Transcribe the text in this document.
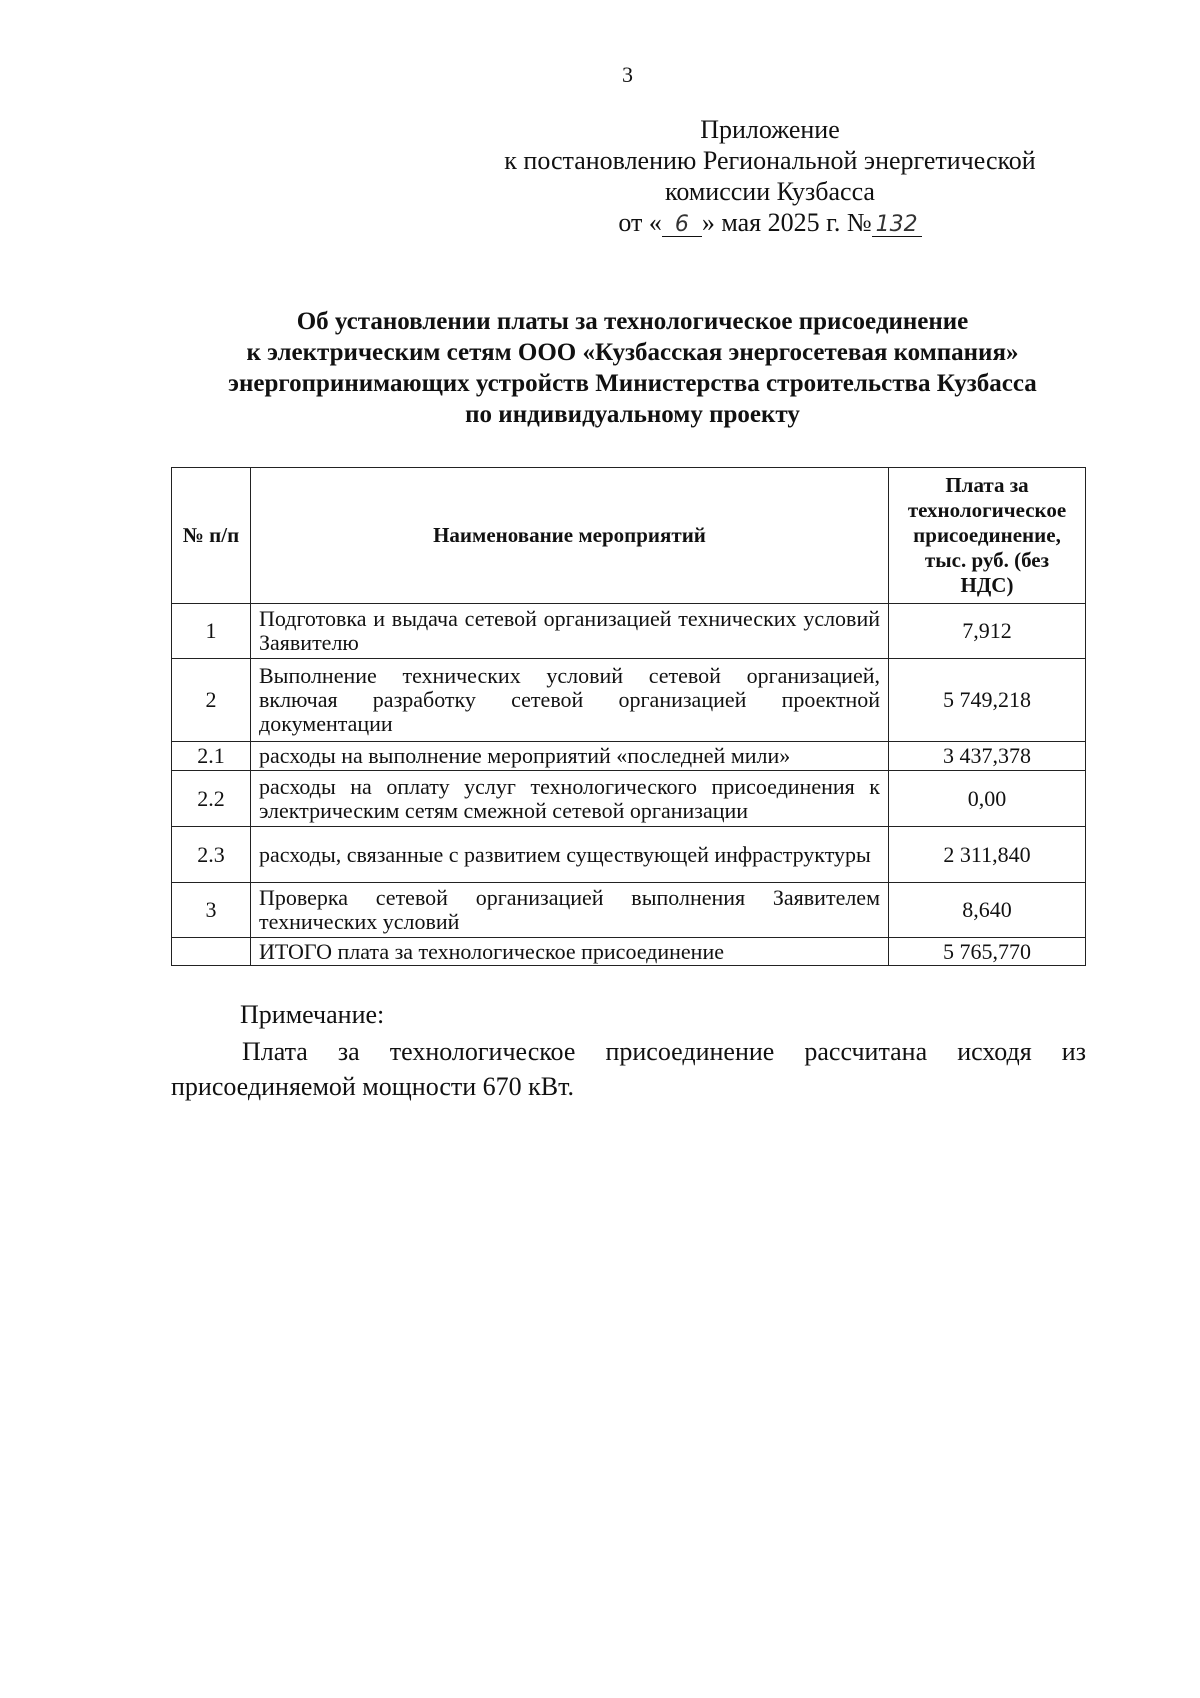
3
Приложение
к постановлению Региональной энергетической
комиссии Кузбасса
от « 6 » мая 2025 г. № 132
Об установлении платы за технологическое присоединение
к электрическим сетям ООО «Кузбасская энергосетевая компания»
энергопринимающих устройств Министерства строительства Кузбасса
по индивидуальному проекту
№ п/п	Наименование мероприятий	Плата за технологическое присоединение, тыс. руб. (без НДС)
1	Подготовка и выдача сетевой организацией технических условий Заявителю	7,912
2	Выполнение технических условий сетевой организацией, включая разработку сетевой организацией проектной документации	5 749,218
2.1	расходы на выполнение мероприятий «последней мили»	3 437,378
2.2	расходы на оплату услуг технологического присоединения к электрическим сетям смежной сетевой организации	0,00
2.3	расходы, связанные с развитием существующей инфраструктуры	2 311,840
3	Проверка сетевой организацией выполнения Заявителем технических условий	8,640
	ИТОГО плата за технологическое присоединение	5 765,770
Примечание:
Плата за технологическое присоединение рассчитана исходя из присоединяемой мощности 670 кВт.
